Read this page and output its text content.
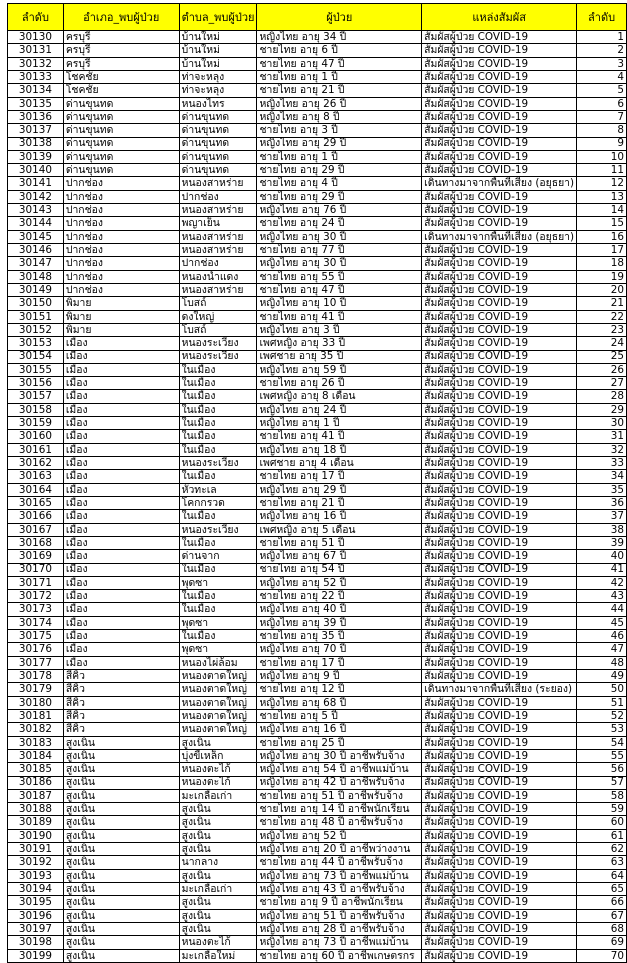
ลำดับ	อำเภอ_พบผู้ป่วย	ตำบล_พบผู้ป่วย	ผู้ป่วย	แหล่งสัมผัส	ลำดับ
30130	ครบุรี	บ้านใหม่	หญิงไทย อายุ 34 ปี	สัมผัสผู้ป่วย COVID-19	1
30131	ครบุรี	บ้านใหม่	ชายไทย อายุ 6 ปี	สัมผัสผู้ป่วย COVID-19	2
30132	ครบุรี	บ้านใหม่	ชายไทย อายุ 47 ปี	สัมผัสผู้ป่วย COVID-19	3
30133	โชคชัย	ท่าจะหลุง	ชายไทย อายุ 1 ปี	สัมผัสผู้ป่วย COVID-19	4
30134	โชคชัย	ท่าจะหลุง	ชายไทย อายุ 21 ปี	สัมผัสผู้ป่วย COVID-19	5
30135	ด่านขุนทด	หนองไทร	หญิงไทย อายุ 26 ปี	สัมผัสผู้ป่วย COVID-19	6
30136	ด่านขุนทด	ด่านขุนทด	หญิงไทย อายุ 8 ปี	สัมผัสผู้ป่วย COVID-19	7
30137	ด่านขุนทด	ด่านขุนทด	ชายไทย อายุ 3 ปี	สัมผัสผู้ป่วย COVID-19	8
30138	ด่านขุนทด	ด่านขุนทด	หญิงไทย อายุ 29 ปี	สัมผัสผู้ป่วย COVID-19	9
30139	ด่านขุนทด	ด่านขุนทด	ชายไทย อายุ 1 ปี	สัมผัสผู้ป่วย COVID-19	10
30140	ด่านขุนทด	ด่านขุนทด	ชายไทย อายุ 29 ปี	สัมผัสผู้ป่วย COVID-19	11
30141	ปากช่อง	หนองสาหร่าย	ชายไทย อายุ 4 ปี	เดินทางมาจากพื้นที่เสี่ยง (อยุธยา)	12
30142	ปากช่อง	ปากช่อง	ชายไทย อายุ 29 ปี	สัมผัสผู้ป่วย COVID-19	13
30143	ปากช่อง	หนองสาหร่าย	หญิงไทย อายุ 76 ปี	สัมผัสผู้ป่วย COVID-19	14
30144	ปากช่อง	พญาเย็น	ชายไทย อายุ 24 ปี	สัมผัสผู้ป่วย COVID-19	15
30145	ปากช่อง	หนองสาหร่าย	หญิงไทย อายุ 30 ปี	เดินทางมาจากพื้นที่เสี่ยง (อยุธยา)	16
30146	ปากช่อง	หนองสาหร่าย	ชายไทย อายุ 77 ปี	สัมผัสผู้ป่วย COVID-19	17
30147	ปากช่อง	ปากช่อง	หญิงไทย อายุ 30 ปี	สัมผัสผู้ป่วย COVID-19	18
30148	ปากช่อง	หนองน้ำแดง	ชายไทย อายุ 55 ปี	สัมผัสผู้ป่วย COVID-19	19
30149	ปากช่อง	หนองสาหร่าย	ชายไทย อายุ 47 ปี	สัมผัสผู้ป่วย COVID-19	20
30150	พิมาย	โบสถ์	หญิงไทย อายุ 10 ปี	สัมผัสผู้ป่วย COVID-19	21
30151	พิมาย	ดงใหญ่	ชายไทย อายุ 41 ปี	สัมผัสผู้ป่วย COVID-19	22
30152	พิมาย	โบสถ์	หญิงไทย อายุ 3 ปี	สัมผัสผู้ป่วย COVID-19	23
30153	เมือง	หนองระเวียง	เพศหญิง อายุ 33 ปี	สัมผัสผู้ป่วย COVID-19	24
30154	เมือง	หนองระเวียง	เพศชาย อายุ 35 ปี	สัมผัสผู้ป่วย COVID-19	25
30155	เมือง	ในเมือง	หญิงไทย อายุ 59 ปี	สัมผัสผู้ป่วย COVID-19	26
30156	เมือง	ในเมือง	ชายไทย อายุ 26 ปี	สัมผัสผู้ป่วย COVID-19	27
30157	เมือง	ในเมือง	เพศหญิง อายุ 8 เดือน	สัมผัสผู้ป่วย COVID-19	28
30158	เมือง	ในเมือง	หญิงไทย อายุ 24 ปี	สัมผัสผู้ป่วย COVID-19	29
30159	เมือง	ในเมือง	หญิงไทย อายุ 1 ปี	สัมผัสผู้ป่วย COVID-19	30
30160	เมือง	ในเมือง	ชายไทย อายุ 41 ปี	สัมผัสผู้ป่วย COVID-19	31
30161	เมือง	ในเมือง	หญิงไทย อายุ 18 ปี	สัมผัสผู้ป่วย COVID-19	32
30162	เมือง	หนองระเวียง	เพศชาย อายุ 4 เดือน	สัมผัสผู้ป่วย COVID-19	33
30163	เมือง	ในเมือง	ชายไทย อายุ 17 ปี	สัมผัสผู้ป่วย COVID-19	34
30164	เมือง	หัวทะเล	หญิงไทย อายุ 29 ปี	สัมผัสผู้ป่วย COVID-19	35
30165	เมือง	โคกกรวด	ชายไทย อายุ 21 ปี	สัมผัสผู้ป่วย COVID-19	36
30166	เมือง	ในเมือง	หญิงไทย อายุ 16 ปี	สัมผัสผู้ป่วย COVID-19	37
30167	เมือง	หนองระเวียง	เพศหญิง อายุ 5 เดือน	สัมผัสผู้ป่วย COVID-19	38
30168	เมือง	ในเมือง	ชายไทย อายุ 51 ปี	สัมผัสผู้ป่วย COVID-19	39
30169	เมือง	ด่านจาก	หญิงไทย อายุ 67 ปี	สัมผัสผู้ป่วย COVID-19	40
30170	เมือง	ในเมือง	ชายไทย อายุ 54 ปี	สัมผัสผู้ป่วย COVID-19	41
30171	เมือง	พุดซา	หญิงไทย อายุ 52 ปี	สัมผัสผู้ป่วย COVID-19	42
30172	เมือง	ในเมือง	ชายไทย อายุ 22 ปี	สัมผัสผู้ป่วย COVID-19	43
30173	เมือง	ในเมือง	หญิงไทย อายุ 40 ปี	สัมผัสผู้ป่วย COVID-19	44
30174	เมือง	พุดซา	หญิงไทย อายุ 39 ปี	สัมผัสผู้ป่วย COVID-19	45
30175	เมือง	ในเมือง	ชายไทย อายุ 35 ปี	สัมผัสผู้ป่วย COVID-19	46
30176	เมือง	พุดซา	หญิงไทย อายุ 70 ปี	สัมผัสผู้ป่วย COVID-19	47
30177	เมือง	หนองไผ่ล้อม	ชายไทย อายุ 17 ปี	สัมผัสผู้ป่วย COVID-19	48
30178	สีคิ้ว	หนองตาดใหญ่	หญิงไทย อายุ 9 ปี	สัมผัสผู้ป่วย COVID-19	49
30179	สีคิ้ว	หนองตาดใหญ่	ชายไทย อายุ 12 ปี	เดินทางมาจากพื้นที่เสี่ยง (ระยอง)	50
30180	สีคิ้ว	หนองตาดใหญ่	หญิงไทย อายุ 68 ปี	สัมผัสผู้ป่วย COVID-19	51
30181	สีคิ้ว	หนองตาดใหญ่	ชายไทย อายุ 5 ปี	สัมผัสผู้ป่วย COVID-19	52
30182	สีคิ้ว	หนองตาดใหญ่	หญิงไทย อายุ 16 ปี	สัมผัสผู้ป่วย COVID-19	53
30183	สูงเนิน	สูงเนิน	ชายไทย อายุ 25 ปี	สัมผัสผู้ป่วย COVID-19	54
30184	สูงเนิน	บุ่งขี้เหล็ก	หญิงไทย อายุ 30 ปี อาชีพรับจ้าง	สัมผัสผู้ป่วย COVID-19	55
30185	สูงเนิน	หนองตะไก้	หญิงไทย อายุ 54 ปี อาชีพแม่บ้าน	สัมผัสผู้ป่วย COVID-19	56
30186	สูงเนิน	หนองตะไก้	หญิงไทย อายุ 42 ปี อาชีพรับจ้าง	สัมผัสผู้ป่วย COVID-19	57
30187	สูงเนิน	มะเกลือเก่า	ชายไทย อายุ 51 ปี อาชีพรับจ้าง	สัมผัสผู้ป่วย COVID-19	58
30188	สูงเนิน	สูงเนิน	ชายไทย อายุ 14 ปี อาชีพนักเรียน	สัมผัสผู้ป่วย COVID-19	59
30189	สูงเนิน	สูงเนิน	ชายไทย อายุ 48 ปี อาชีพรับจ้าง	สัมผัสผู้ป่วย COVID-19	60
30190	สูงเนิน	สูงเนิน	หญิงไทย อายุ 52 ปี	สัมผัสผู้ป่วย COVID-19	61
30191	สูงเนิน	สูงเนิน	หญิงไทย อายุ 20 ปี อาชีพว่างงาน	สัมผัสผู้ป่วย COVID-19	62
30192	สูงเนิน	นากลาง	ชายไทย อายุ 44 ปี อาชีพรับจ้าง	สัมผัสผู้ป่วย COVID-19	63
30193	สูงเนิน	สูงเนิน	หญิงไทย อายุ 73 ปี อาชีพแม่บ้าน	สัมผัสผู้ป่วย COVID-19	64
30194	สูงเนิน	มะเกลือเก่า	หญิงไทย อายุ 43 ปี อาชีพรับจ้าง	สัมผัสผู้ป่วย COVID-19	65
30195	สูงเนิน	สูงเนิน	ชายไทย อายุ 9 ปี อาชีพนักเรียน	สัมผัสผู้ป่วย COVID-19	66
30196	สูงเนิน	สูงเนิน	หญิงไทย อายุ 51 ปี อาชีพรับจ้าง	สัมผัสผู้ป่วย COVID-19	67
30197	สูงเนิน	สูงเนิน	หญิงไทย อายุ 28 ปี อาชีพรับจ้าง	สัมผัสผู้ป่วย COVID-19	68
30198	สูงเนิน	หนองตะไก้	หญิงไทย อายุ 73 ปี อาชีพแม่บ้าน	สัมผัสผู้ป่วย COVID-19	69
30199	สูงเนิน	มะเกลือใหม่	ชายไทย อายุ 60 ปี อาชีพเกษตรกร	สัมผัสผู้ป่วย COVID-19	70
